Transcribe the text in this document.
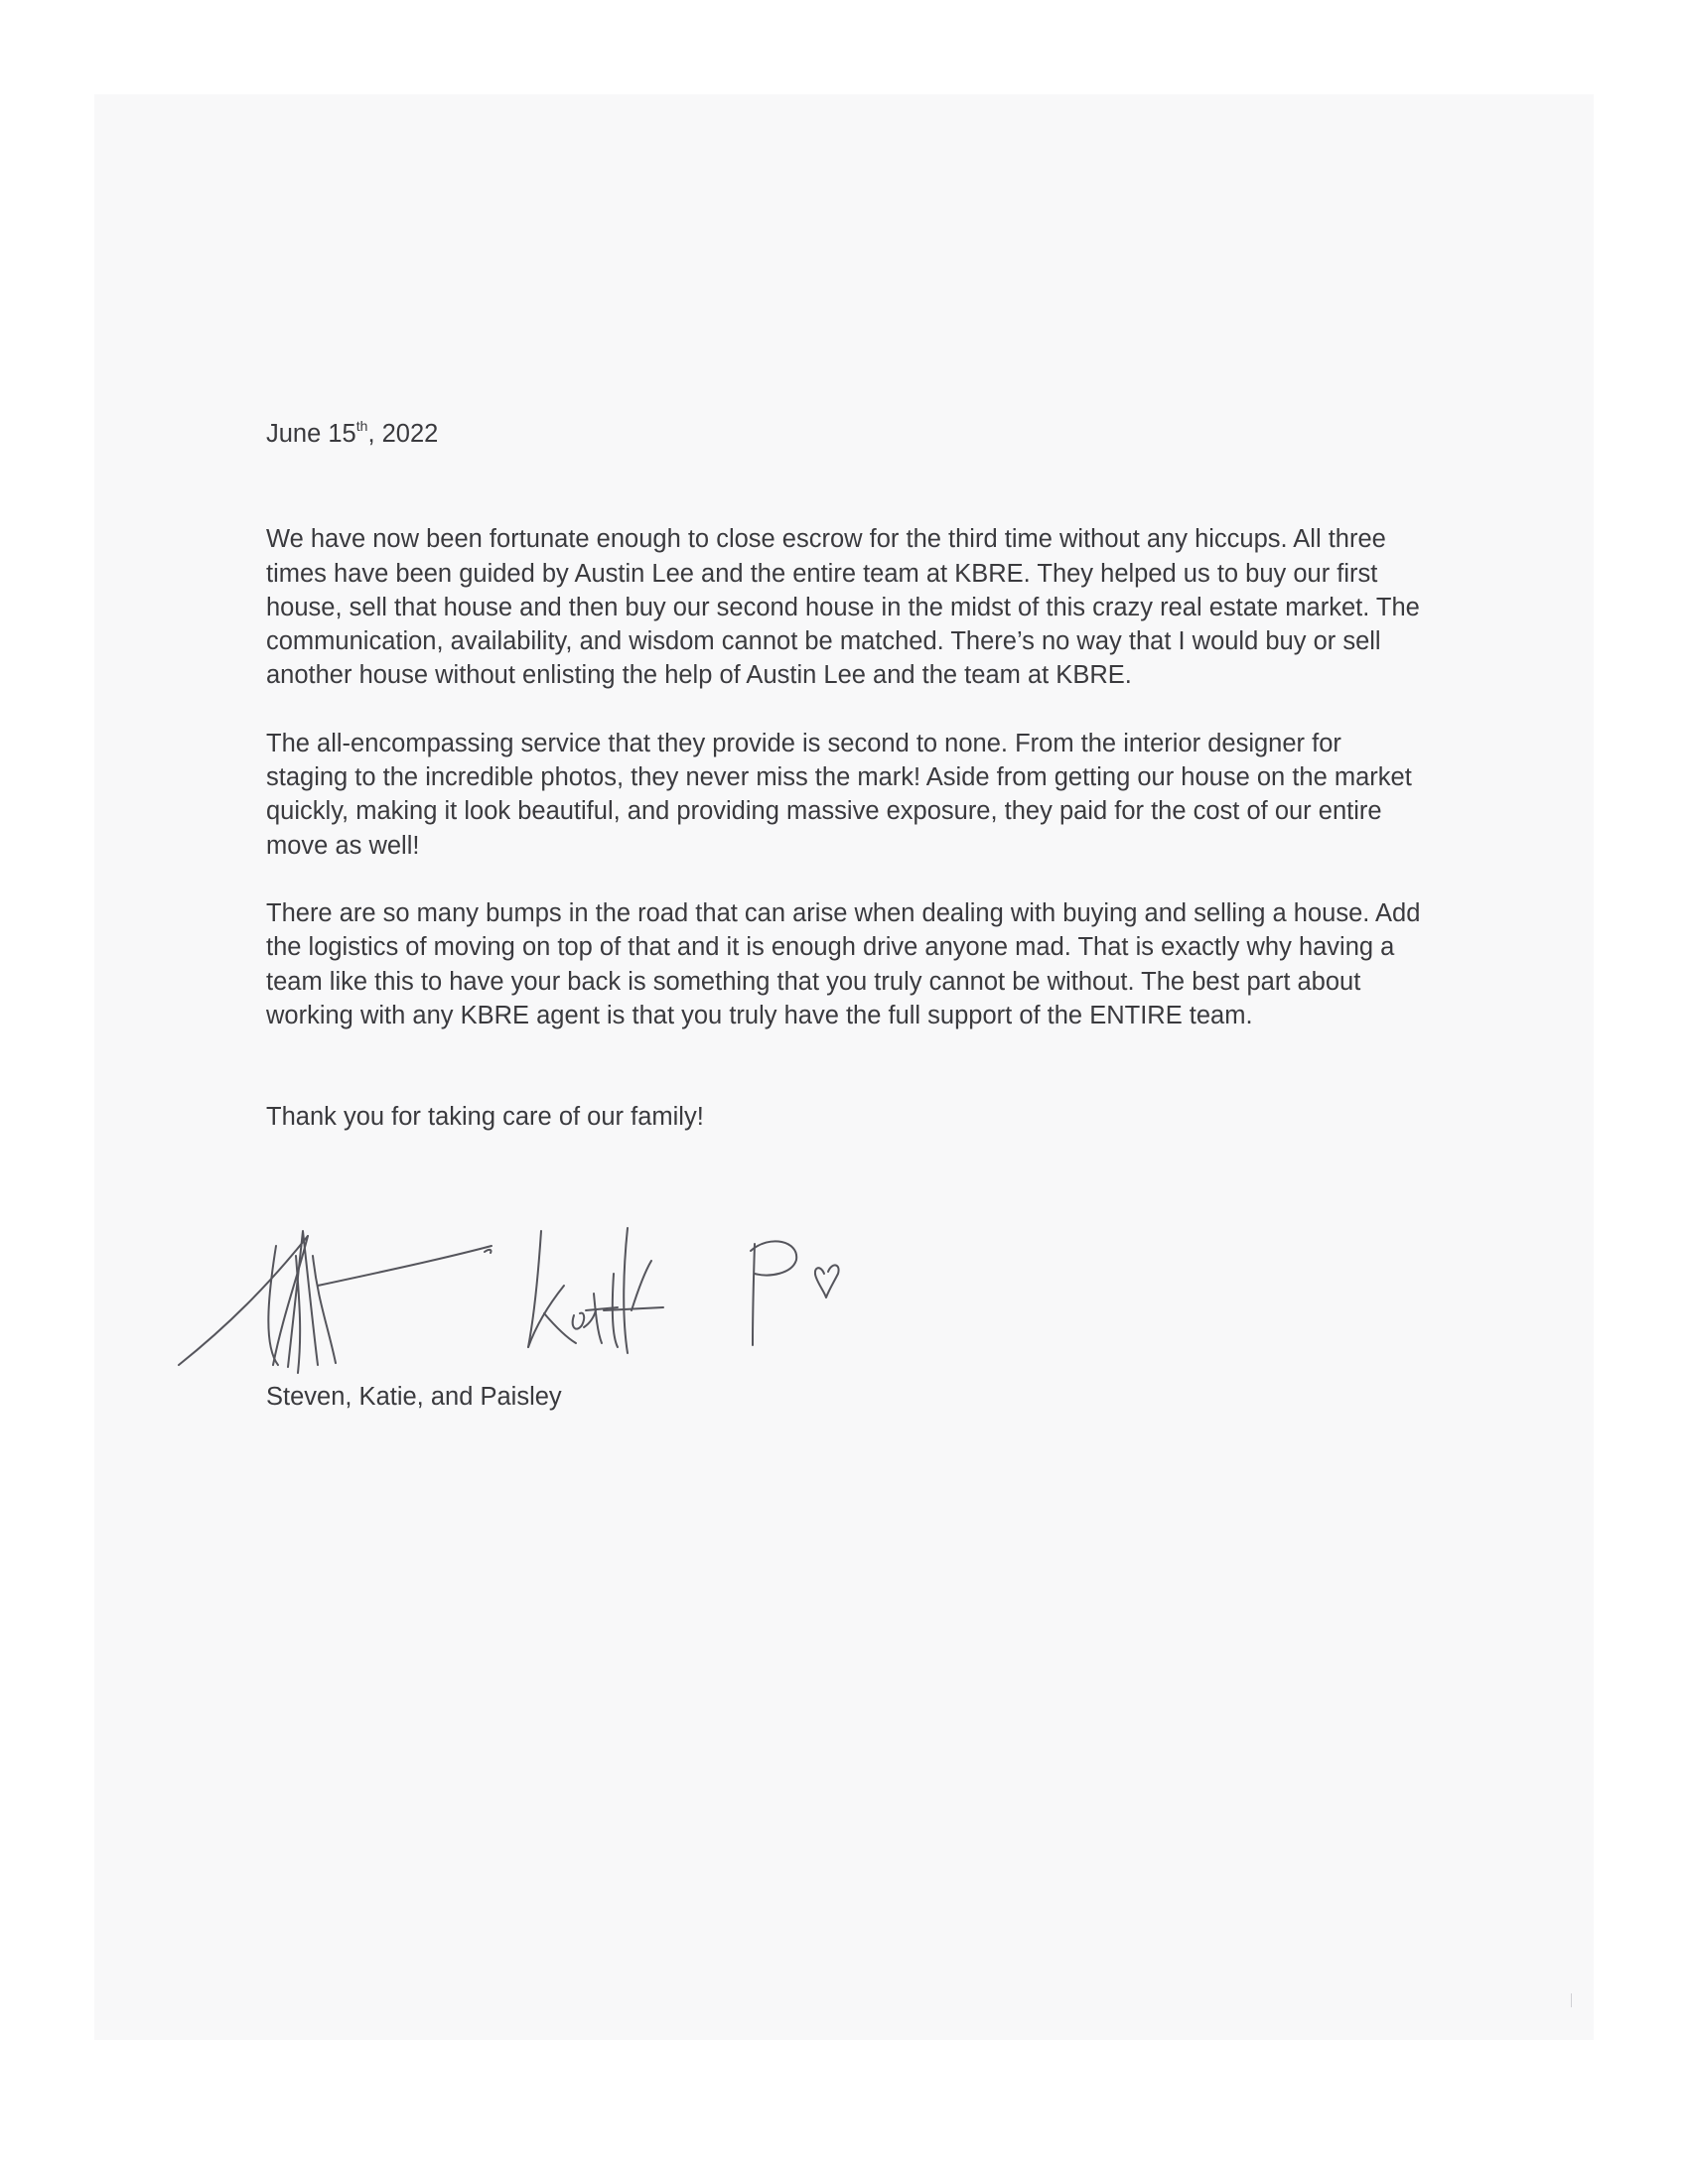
June 15th, 2022

We have now been fortunate enough to close escrow for the third time without any hiccups. All three times have been guided by Austin Lee and the entire team at KBRE. They helped us to buy our first house, sell that house and then buy our second house in the midst of this crazy real estate market. The communication, availability, and wisdom cannot be matched. There’s no way that I would buy or sell another house without enlisting the help of Austin Lee and the team at KBRE.

The all-encompassing service that they provide is second to none. From the interior designer for staging to the incredible photos, they never miss the mark! Aside from getting our house on the market quickly, making it look beautiful, and providing massive exposure, they paid for the cost of our entire move as well!

There are so many bumps in the road that can arise when dealing with buying and selling a house. Add the logistics of moving on top of that and it is enough drive anyone mad. That is exactly why having a team like this to have your back is something that you truly cannot be without. The best part about working with any KBRE agent is that you truly have the full support of the ENTIRE team.

Thank you for taking care of our family!

Steven, Katie, and Paisley
